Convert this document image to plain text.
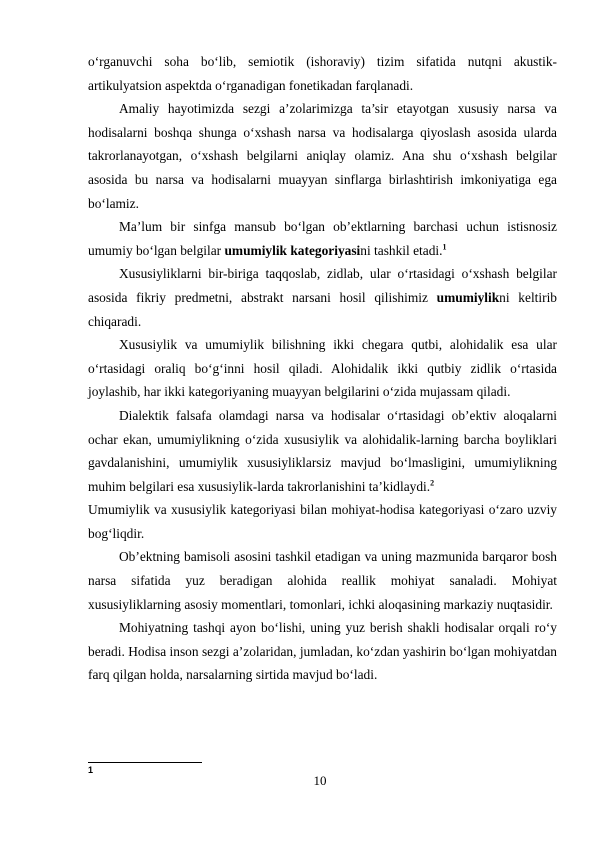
o‘rganuvchi soha bo‘lib, semiotik (ishoraviy) tizim sifatida nutqni akustik-artikulyatsion aspektda o‘rganadigan fonetikadan farqlanadi.

Amaliy hayotimizda sezgi a’zolarimizga ta’sir etayotgan xususiy narsa va hodisalarni boshqa shunga o‘xshash narsa va hodisalarga qiyoslash asosida ularda takrorlanayotgan, o‘xshash belgilarni aniqlay olamiz. Ana shu o‘xshash belgilar asosida bu narsa va hodisalarni muayyan sinflarga birlashtirish imkoniyatiga ega bo‘lamiz.

Ma’lum bir sinfga mansub bo‘lgan ob’ektlarning barchasi uchun istisnosiz umumiy bo‘lgan belgilar umumiylik kategoriyasini tashkil etadi.$^1$

Xususiyliklarni bir-biriga taqqoslab, zidlab, ular o‘rtasidagi o‘xshash belgilar asosida fikriy predmetni, abstrakt narsani hosil qilishimiz umumiylikni keltirib chiqaradi.

Xususiylik va umumiylik bilishning ikki chegara qutbi, alohidalik esa ular o‘rtasidagi oraliq bo‘g‘inni hosil qiladi. Alohidalik ikki qutbiy zidlik o‘rtasida joylashib, har ikki kategoriyaning muayyan belgilarini o‘zida mujassam qiladi.

Dialektik falsafa olamdagi narsa va hodisalar o‘rtasidagi ob’ektiv aloqalarni ochar ekan, umumiylikning o‘zida xususiylik va alohidalik-larning barcha boyliklari gavdalanishini, umumiylik xususiyliklarsiz mavjud bo‘lmasligini, umumiylikning muhim belgilari esa xususiylik-larda takrorlanishini ta’kidlaydi.$^2$

Umumiylik va xususiylik kategoriyasi bilan mohiyat-hodisa kategoriyasi o‘zaro uzviy bog‘liqdir.

Ob’ektning bamisoli asosini tashkil etadigan va uning mazmunida barqaror bosh narsa sifatida yuz beradigan alohida reallik mohiyat sanaladi. Mohiyat xususiyliklarning asosiy momentlari, tomonlari, ichki aloqasining markaziy nuqtasidir.

Mohiyatning tashqi ayon bo‘lishi, uning yuz berish shakli hodisalar orqali ro‘y beradi. Hodisa inson sezgi a’zolaridan, jumladan, ko‘zdan yashirin bo‘lgan mohiyatdan farq qilgan holda, narsalarning sirtida mavjud bo‘ladi.

1
10
